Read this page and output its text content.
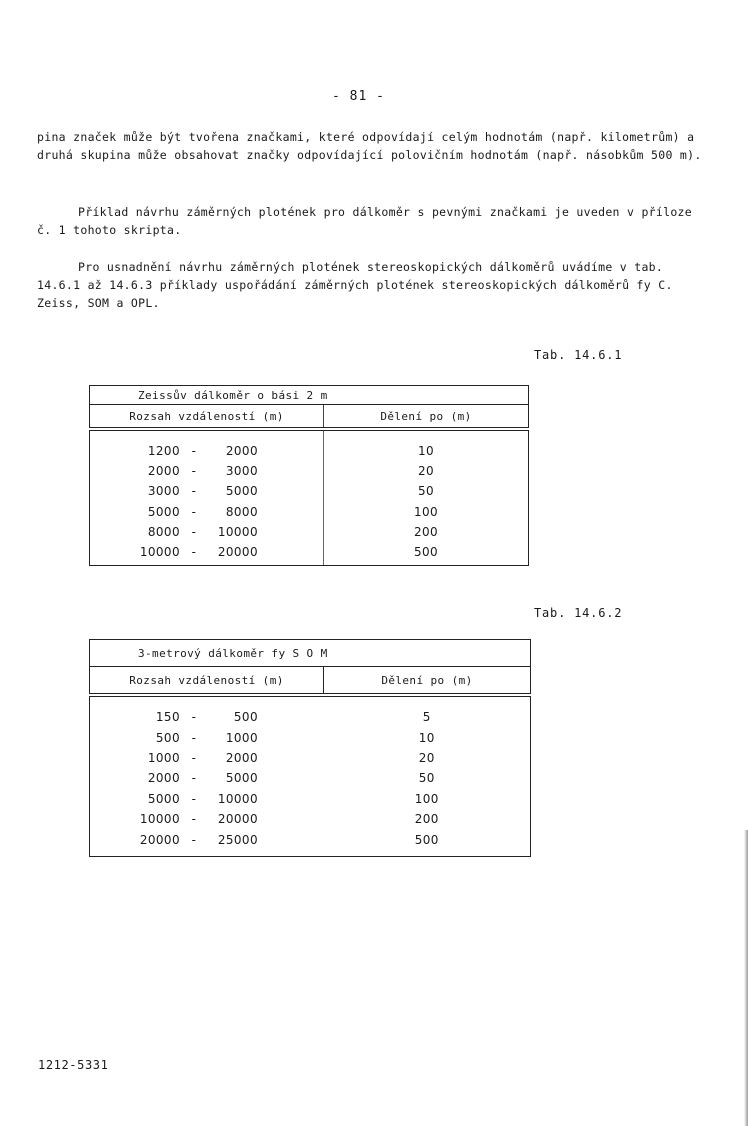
- 81 -

pina značek může být tvořena značkami, které odpovídají celým hodnotám (např. kilometrům) a druhá skupina může obsahovat značky odpovídající polovičním hodnotám (např. násobkům 500 m).

Příklad návrhu záměrných plotének pro dálkoměr s pevnými značkami je uveden v příloze č. 1 tohoto skripta.

Pro usnadnění návrhu záměrných plotének stereoskopických dálkoměrů uvádíme v tab. 14.6.1 až 14.6.3 příklady uspořádání záměrných plotének stereoskopických dálkoměrů fy C. Zeiss, SOM a OPL.

Tab. 14.6.1
Zeissův dálkoměr o bási 2 m	
Rozsah vzdáleností (m)	Dělení po (m)

1200 - 2000	10

2000 - 3000	20

3000 - 5000	50

5000 - 8000	100

8000 - 10000	200

10000 - 20000	500
Tab. 14.6.2
3-metrový dálkoměr fy S O M	
Rozsah vzdáleností (m)	Dělení po (m)

150 - 500	5

500 - 1000	10

1000 - 2000	20

2000 - 5000	50

5000 - 10000	100

10000 - 20000	200

20000 - 25000	500
1212-5331
